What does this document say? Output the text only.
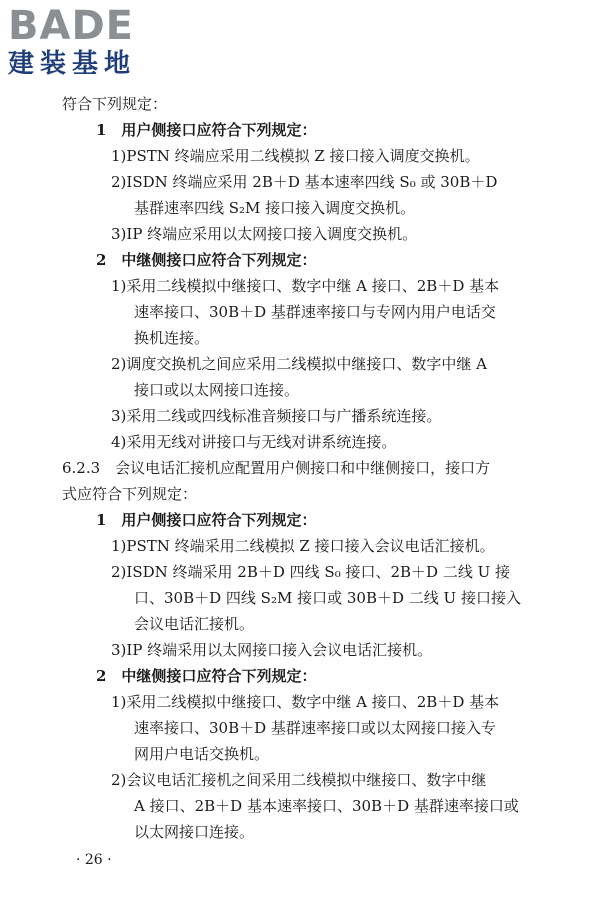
BADE
建装基地
符合下列规定：
1　用户侧接口应符合下列规定：
1)PSTN 终端应采用二线模拟 Z 接口接入调度交换机。
2)ISDN 终端应采用 2B＋D 基本速率四线 S₀ 或 30B＋D
基群速率四线 S₂M 接口接入调度交换机。
3)IP 终端应采用以太网接口接入调度交换机。
2　中继侧接口应符合下列规定：
1)采用二线模拟中继接口、数字中继 A 接口、2B＋D 基本
速率接口、30B＋D 基群速率接口与专网内用户电话交
换机连接。
2)调度交换机之间应采用二线模拟中继接口、数字中继 A
接口或以太网接口连接。
3)采用二线或四线标准音频接口与广播系统连接。
4)采用无线对讲接口与无线对讲系统连接。
6.2.3　会议电话汇接机应配置用户侧接口和中继侧接口，接口方
式应符合下列规定：
1　用户侧接口应符合下列规定：
1)PSTN 终端采用二线模拟 Z 接口接入会议电话汇接机。
2)ISDN 终端采用 2B＋D 四线 S₀ 接口、2B＋D 二线 U 接
口、30B＋D 四线 S₂M 接口或 30B＋D 二线 U 接口接入
会议电话汇接机。
3)IP 终端采用以太网接口接入会议电话汇接机。
2　中继侧接口应符合下列规定：
1)采用二线模拟中继接口、数字中继 A 接口、2B＋D 基本
速率接口、30B＋D 基群速率接口或以太网接口接入专
网用户电话交换机。
2)会议电话汇接机之间采用二线模拟中继接口、数字中继
A 接口、2B＋D 基本速率接口、30B＋D 基群速率接口或
以太网接口连接。
· 26 ·
